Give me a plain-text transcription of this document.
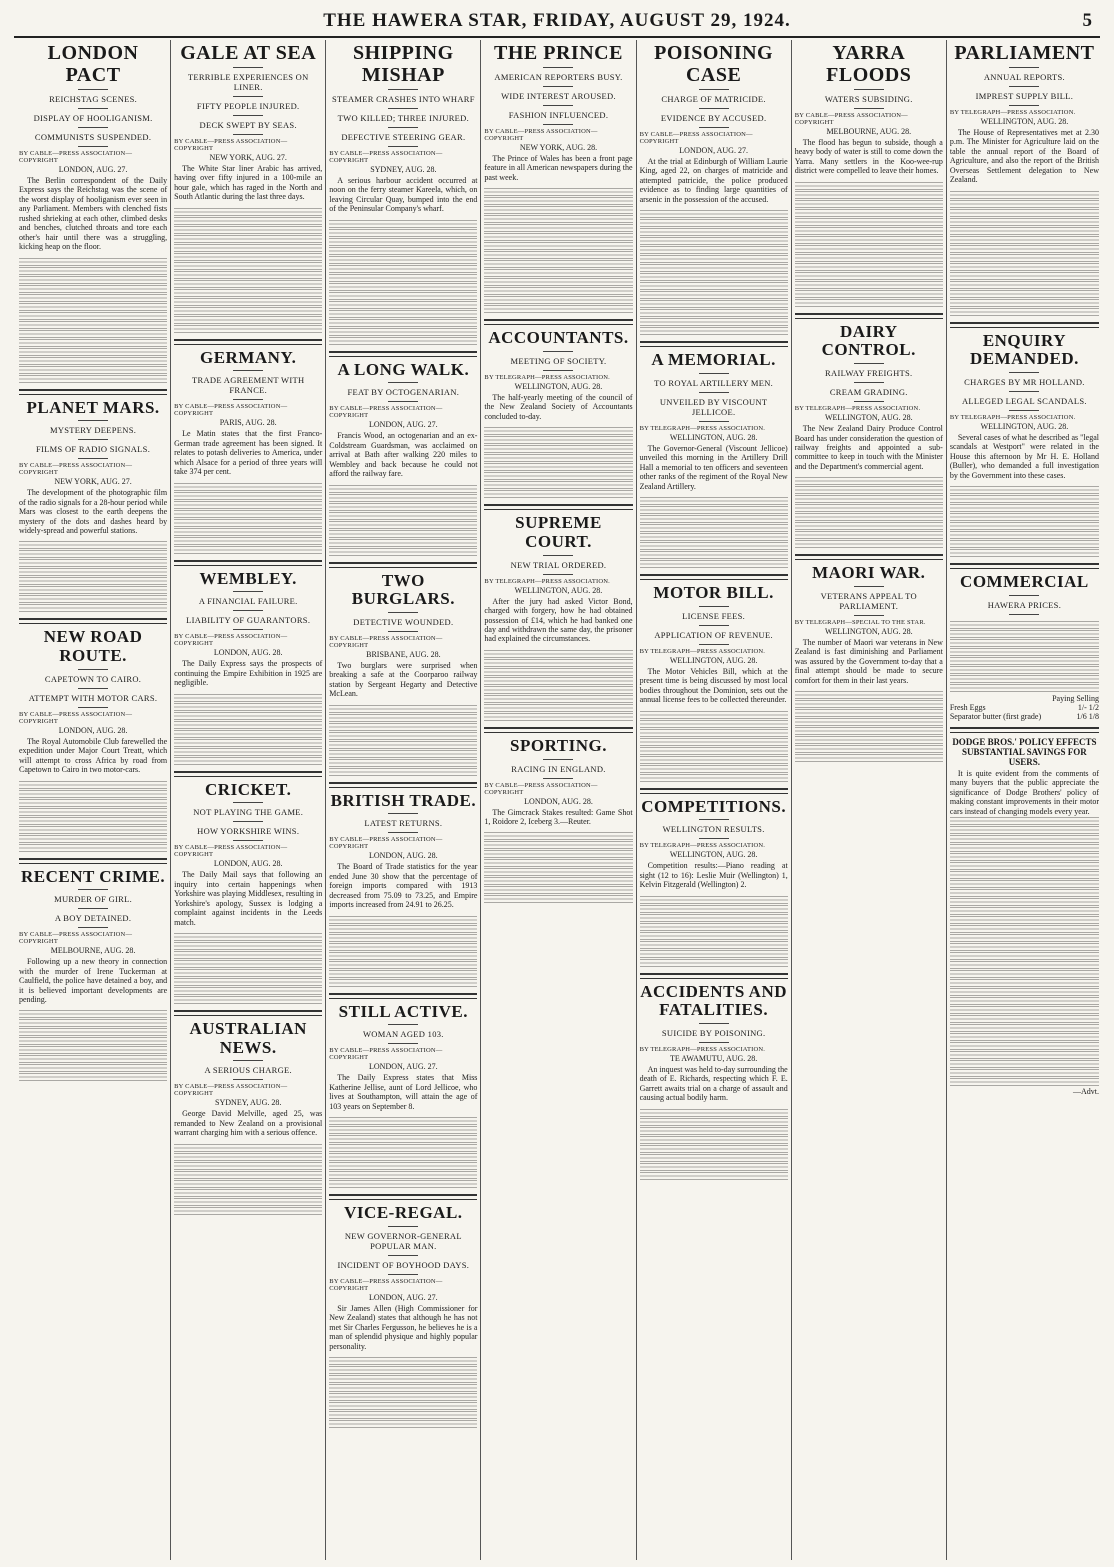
THE HAWERA STAR, FRIDAY, AUGUST 29, 1924.	5
LONDON PACT
REICHSTAG SCENES.
DISPLAY OF HOOLIGANISM.
COMMUNISTS SUSPENDED.
BY CABLE—PRESS ASSOCIATION—COPYRIGHT
LONDON, AUG. 27.

The Berlin correspondent of the Daily Express says the Reichstag was the scene of the worst display of hooliganism ever seen in any Parliament. Members with clenched fists rushed shrieking at each other, climbed desks and benches, clutched throats and tore each other's hair until there was a struggling, kicking heap on the floor.

PLANET MARS.
MYSTERY DEEPENS.
FILMS OF RADIO SIGNALS.
BY CABLE—PRESS ASSOCIATION—COPYRIGHT
NEW YORK, AUG. 27.

The development of the photographic film of the radio signals for a 28-hour period while Mars was closest to the earth deepens the mystery of the dots and dashes heard by widely-spread and powerful stations.

NEW ROAD ROUTE.
CAPETOWN TO CAIRO.
ATTEMPT WITH MOTOR CARS.
BY CABLE—PRESS ASSOCIATION—COPYRIGHT
LONDON, AUG. 28.

The Royal Automobile Club farewelled the expedition under Major Court Treatt, which will attempt to cross Africa by road from Capetown to Cairo in two motor-cars.

RECENT CRIME.
MURDER OF GIRL.
A BOY DETAINED.
BY CABLE—PRESS ASSOCIATION—COPYRIGHT
MELBOURNE, AUG. 28.

Following up a new theory in connection with the murder of Irene Tuckerman at Caulfield, the police have detained a boy, and it is believed important developments are pending.

GALE AT SEA
TERRIBLE EXPERIENCES ON LINER.
FIFTY PEOPLE INJURED.
DECK SWEPT BY SEAS.
BY CABLE—PRESS ASSOCIATION—COPYRIGHT
NEW YORK, AUG. 27.

The White Star liner Arabic has arrived, having over fifty injured in a 100-mile an hour gale, which has raged in the North and South Atlantic during the last three days.

GERMANY.
TRADE AGREEMENT WITH FRANCE.
BY CABLE—PRESS ASSOCIATION—COPYRIGHT
PARIS, AUG. 28.

Le Matin states that the first Franco-German trade agreement has been signed. It relates to potash deliveries to America, under which Alsace for a period of three years will take 374 per cent.

WEMBLEY.
A FINANCIAL FAILURE.
LIABILITY OF GUARANTORS.
BY CABLE—PRESS ASSOCIATION—COPYRIGHT
LONDON, AUG. 28.

The Daily Express says the prospects of continuing the Empire Exhibition in 1925 are negligible.

CRICKET.
NOT PLAYING THE GAME.
HOW YORKSHIRE WINS.
BY CABLE—PRESS ASSOCIATION—COPYRIGHT
LONDON, AUG. 28.

The Daily Mail says that following an inquiry into certain happenings when Yorkshire was playing Middlesex, resulting in Yorkshire's apology, Sussex is lodging a complaint against incidents in the Leeds match.

AUSTRALIAN NEWS.
A SERIOUS CHARGE.
BY CABLE—PRESS ASSOCIATION—COPYRIGHT
SYDNEY, AUG. 28.

George David Melville, aged 25, was remanded to New Zealand on a provisional warrant charging him with a serious offence.

SHIPPING MISHAP
STEAMER CRASHES INTO WHARF
TWO KILLED; THREE INJURED.
DEFECTIVE STEERING GEAR.
BY CABLE—PRESS ASSOCIATION—COPYRIGHT
SYDNEY, AUG. 28.

A serious harbour accident occurred at noon on the ferry steamer Kareela, which, on leaving Circular Quay, bumped into the end of the Peninsular Company's wharf.

A LONG WALK.
FEAT BY OCTOGENARIAN.
BY CABLE—PRESS ASSOCIATION—COPYRIGHT
LONDON, AUG. 27.

Francis Wood, an octogenarian and an ex-Coldstream Guardsman, was acclaimed on arrival at Bath after walking 220 miles to Wembley and back because he could not afford the railway fare.

TWO BURGLARS.
DETECTIVE WOUNDED.
BY CABLE—PRESS ASSOCIATION—COPYRIGHT
BRISBANE, AUG. 28.

Two burglars were surprised when breaking a safe at the Coorparoo railway station by Sergeant Hegarty and Detective McLean.

BRITISH TRADE.
LATEST RETURNS.
BY CABLE—PRESS ASSOCIATION—COPYRIGHT
LONDON, AUG. 28.

The Board of Trade statistics for the year ended June 30 show that the percentage of foreign imports compared with 1913 decreased from 75.09 to 73.25, and Empire imports increased from 24.91 to 26.25.

STILL ACTIVE.
WOMAN AGED 103.
BY CABLE—PRESS ASSOCIATION—COPYRIGHT
LONDON, AUG. 27.

The Daily Express states that Miss Katherine Jellise, aunt of Lord Jellicoe, who lives at Southampton, will attain the age of 103 years on September 8.

VICE-REGAL.
NEW GOVERNOR-GENERAL POPULAR MAN.
INCIDENT OF BOYHOOD DAYS.
BY CABLE—PRESS ASSOCIATION—COPYRIGHT
LONDON, AUG. 27.

Sir James Allen (High Commissioner for New Zealand) states that although he has not met Sir Charles Fergusson, he believes he is a man of splendid physique and highly popular personality.

THE PRINCE
AMERICAN REPORTERS BUSY.
WIDE INTEREST AROUSED.
FASHION INFLUENCED.
BY CABLE—PRESS ASSOCIATION—COPYRIGHT
NEW YORK, AUG. 28.

The Prince of Wales has been a front page feature in all American newspapers during the past week.

ACCOUNTANTS.
MEETING OF SOCIETY.
BY TELEGRAPH—PRESS ASSOCIATION.
WELLINGTON, AUG. 28.

The half-yearly meeting of the council of the New Zealand Society of Accountants concluded to-day.

SUPREME COURT.
NEW TRIAL ORDERED.
BY TELEGRAPH—PRESS ASSOCIATION.
WELLINGTON, AUG. 28.

After the jury had asked Victor Bond, charged with forgery, how he had obtained possession of £14, which he had banked one day and withdrawn the same day, the prisoner had explained the circumstances.

SPORTING.
RACING IN ENGLAND.
BY CABLE—PRESS ASSOCIATION—COPYRIGHT
LONDON, AUG. 28.

The Gimcrack Stakes resulted: Game Shot 1, Roidore 2, Iceberg 3.—Reuter.

POISONING CASE
CHARGE OF MATRICIDE.
EVIDENCE BY ACCUSED.
BY CABLE—PRESS ASSOCIATION—COPYRIGHT
LONDON, AUG. 27.

At the trial at Edinburgh of William Laurie King, aged 22, on charges of matricide and attempted patricide, the police produced evidence as to finding large quantities of arsenic in the possession of the accused.

A MEMORIAL.
TO ROYAL ARTILLERY MEN.
UNVEILED BY VISCOUNT JELLICOE.
BY TELEGRAPH—PRESS ASSOCIATION.
WELLINGTON, AUG. 28.

The Governor-General (Viscount Jellicoe) unveiled this morning in the Artillery Drill Hall a memorial to ten officers and seventeen other ranks of the regiment of the Royal New Zealand Artillery.

MOTOR BILL.
LICENSE FEES.
APPLICATION OF REVENUE.
BY TELEGRAPH—PRESS ASSOCIATION.
WELLINGTON, AUG. 28.

The Motor Vehicles Bill, which at the present time is being discussed by most local bodies throughout the Dominion, sets out the annual license fees to be collected thereunder.

COMPETITIONS.
WELLINGTON RESULTS.
BY TELEGRAPH—PRESS ASSOCIATION.
WELLINGTON, AUG. 28.

Competition results:—Piano reading at sight (12 to 16): Leslie Muir (Wellington) 1, Kelvin Fitzgerald (Wellington) 2.

ACCIDENTS AND FATALITIES.
SUICIDE BY POISONING.
BY TELEGRAPH—PRESS ASSOCIATION.
TE AWAMUTU, AUG. 28.

An inquest was held to-day surrounding the death of E. Richards, respecting which F. E. Garrett awaits trial on a charge of assault and causing actual bodily harm.

YARRA FLOODS
WATERS SUBSIDING.
BY CABLE—PRESS ASSOCIATION—COPYRIGHT
MELBOURNE, AUG. 28.

The flood has begun to subside, though a heavy body of water is still to come down the Yarra. Many settlers in the Koo-wee-rup district were compelled to leave their homes.

DAIRY CONTROL.
RAILWAY FREIGHTS.
CREAM GRADING.
BY TELEGRAPH—PRESS ASSOCIATION.
WELLINGTON, AUG. 28.

The New Zealand Dairy Produce Control Board has under consideration the question of railway freights and appointed a sub-committee to keep in touch with the Minister and the Department's commercial agent.

MAORI WAR.
VETERANS APPEAL TO PARLIAMENT.
BY TELEGRAPH—SPECIAL TO THE STAR.
WELLINGTON, AUG. 28.

The number of Maori war veterans in New Zealand is fast diminishing and Parliament was assured by the Government to-day that a final attempt should be made to secure comfort for them in their last years.

PARLIAMENT
ANNUAL REPORTS.
IMPREST SUPPLY BILL.
BY TELEGRAPH—PRESS ASSOCIATION.
WELLINGTON, AUG. 28.

The House of Representatives met at 2.30 p.m. The Minister for Agriculture laid on the table the annual report of the Board of Agriculture, and also the report of the British Overseas Settlement delegation to New Zealand.

ENQUIRY DEMANDED.
CHARGES BY MR HOLLAND.
ALLEGED LEGAL SCANDALS.
BY TELEGRAPH—PRESS ASSOCIATION.
WELLINGTON, AUG. 28.

Several cases of what he described as "legal scandals at Westport" were related in the House this afternoon by Mr H. E. Holland (Buller), who demanded a full investigation by the Government into these cases.

COMMERCIAL
HAWERA PRICES.
Paying Selling
Fresh Eggs	1/- 1/2
Separator butter (first grade)	1/6 1/8
DODGE BROS.' POLICY EFFECTS SUBSTANTIAL SAVINGS FOR USERS.

It is quite evident from the comments of many buyers that the public appreciate the significance of Dodge Brothers' policy of making constant improvements in their motor cars instead of changing models every year.

—Advt.
